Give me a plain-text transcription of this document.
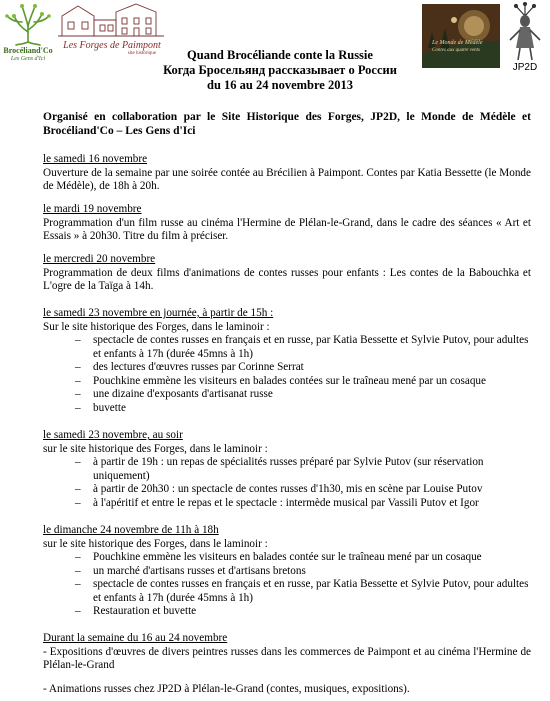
Brocéliand'Co
Les Gens d'Ici
Les Forges de Paimpont
site historique
Le Monde de Médèle
Contes aux quatre vents
JP2D
Quand Brocéliande conte la Russie
Когда Бросельянд рассказывает о России
du 16 au 24 novembre 2013
Organisé en collaboration par le Site Historique des Forges, JP2D, le Monde de Médèle et Brocéliand'Co – Les Gens d'Ici
le samedi 16 novembre

Ouverture de la semaine par une soirée contée au Brécilien à Paimpont. Contes par Katia Bessette (le Monde de Médèle), de 18h à 20h.

le mardi 19 novembre

Programmation d'un film russe au cinéma l'Hermine de Plélan-le-Grand, dans le cadre des séances « Art et Essais » à 20h30. Titre du film à préciser.

le mercredi 20 novembre

Programmation de deux films d'animations de contes russes pour enfants : Les contes de la Babouchka et L'ogre de la Taïga à 14h.

le samedi 23 novembre en journée, à partir de 15h :

Sur le site historique des Forges, dans le laminoir :

– spectacle de contes russes en français et en russe, par Katia Bessette et Sylvie Putov, pour adultes et enfants à 17h (durée 45mns à 1h)
– des lectures d'œuvres russes par Corinne Serrat
– Pouchkine emmène les visiteurs en balades contées sur le traîneau mené par un cosaque
– une dizaine d'exposants d'artisanat russe
– buvette
le samedi 23 novembre, au soir

sur le site historique des Forges, dans le laminoir :

– à partir de 19h : un repas de spécialités russes préparé par Sylvie Putov (sur réservation uniquement)
– à partir de 20h30 : un spectacle de contes russes d'1h30, mis en scène par Louise Putov
– à l'apéritif et entre le repas et le spectacle : intermède musical par Vassili Putov et Igor
le dimanche 24 novembre de 11h à 18h

sur le site historique des Forges, dans le laminoir :

– Pouchkine emmène les visiteurs en balades contée sur le traîneau mené par un cosaque
– un marché d'artisans russes et d'artisans bretons
– spectacle de contes russes en français et en russe, par Katia Bessette et Sylvie Putov, pour adultes et enfants à 17h (durée 45mns à 1h)
– Restauration et buvette
Durant la semaine du 16 au 24 novembre

- Expositions d'œuvres de divers peintres russes dans les commerces de Paimpont et au cinéma l'Hermine de Plélan-le-Grand

- Animations russes chez JP2D à Plélan-le-Grand (contes, musiques, expositions).
